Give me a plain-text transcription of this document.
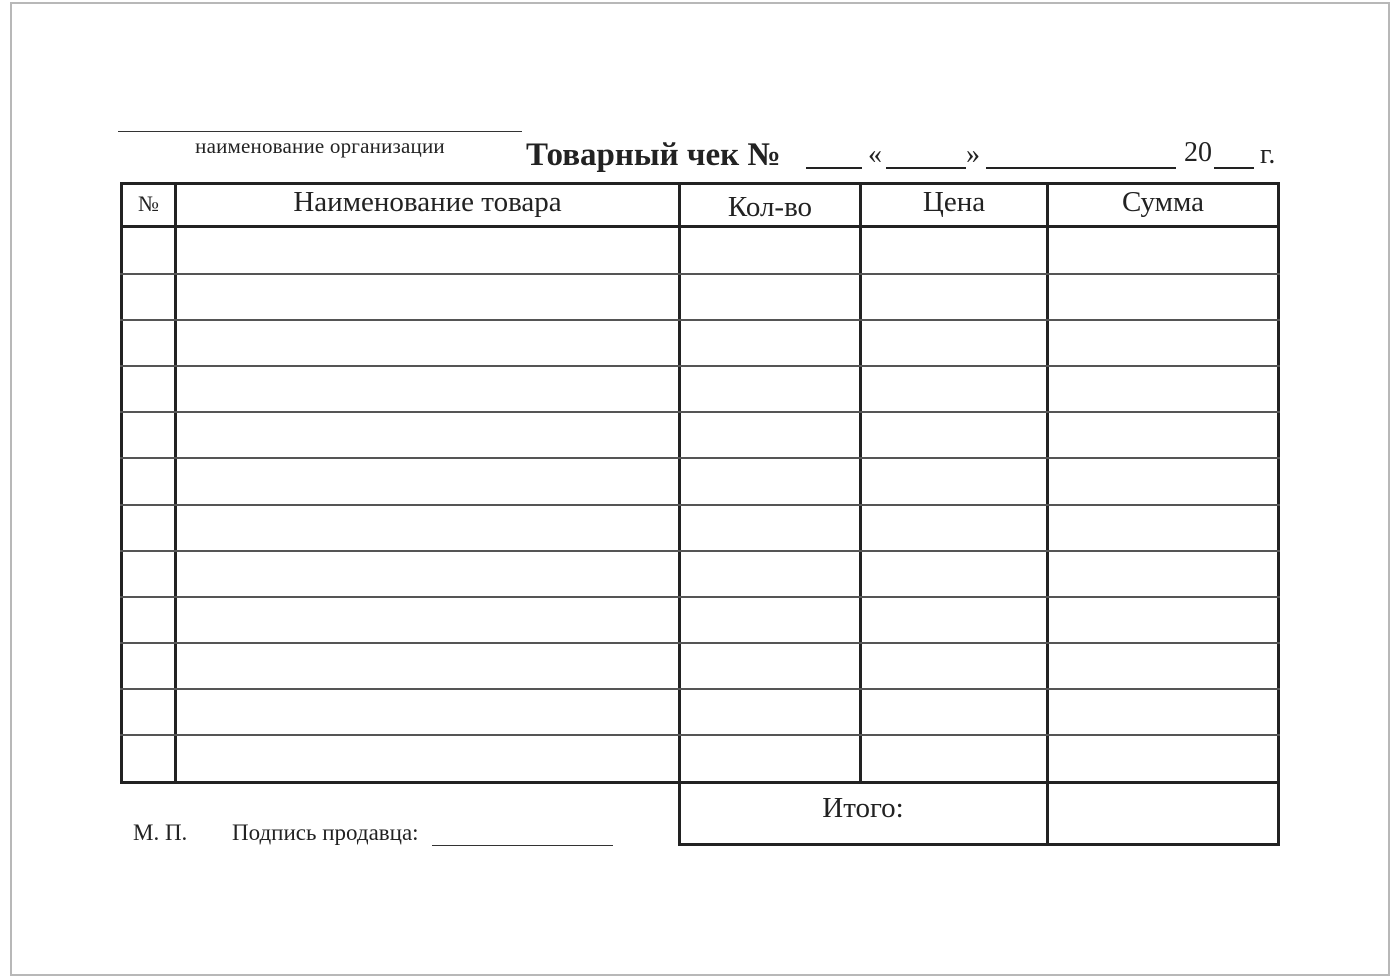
наименование организации	Товарный чек №	«	»	20 г.
№	Наименование товара	Кол-во	Цена	Сумма
Итого:
М. П. Подпись продавца:
